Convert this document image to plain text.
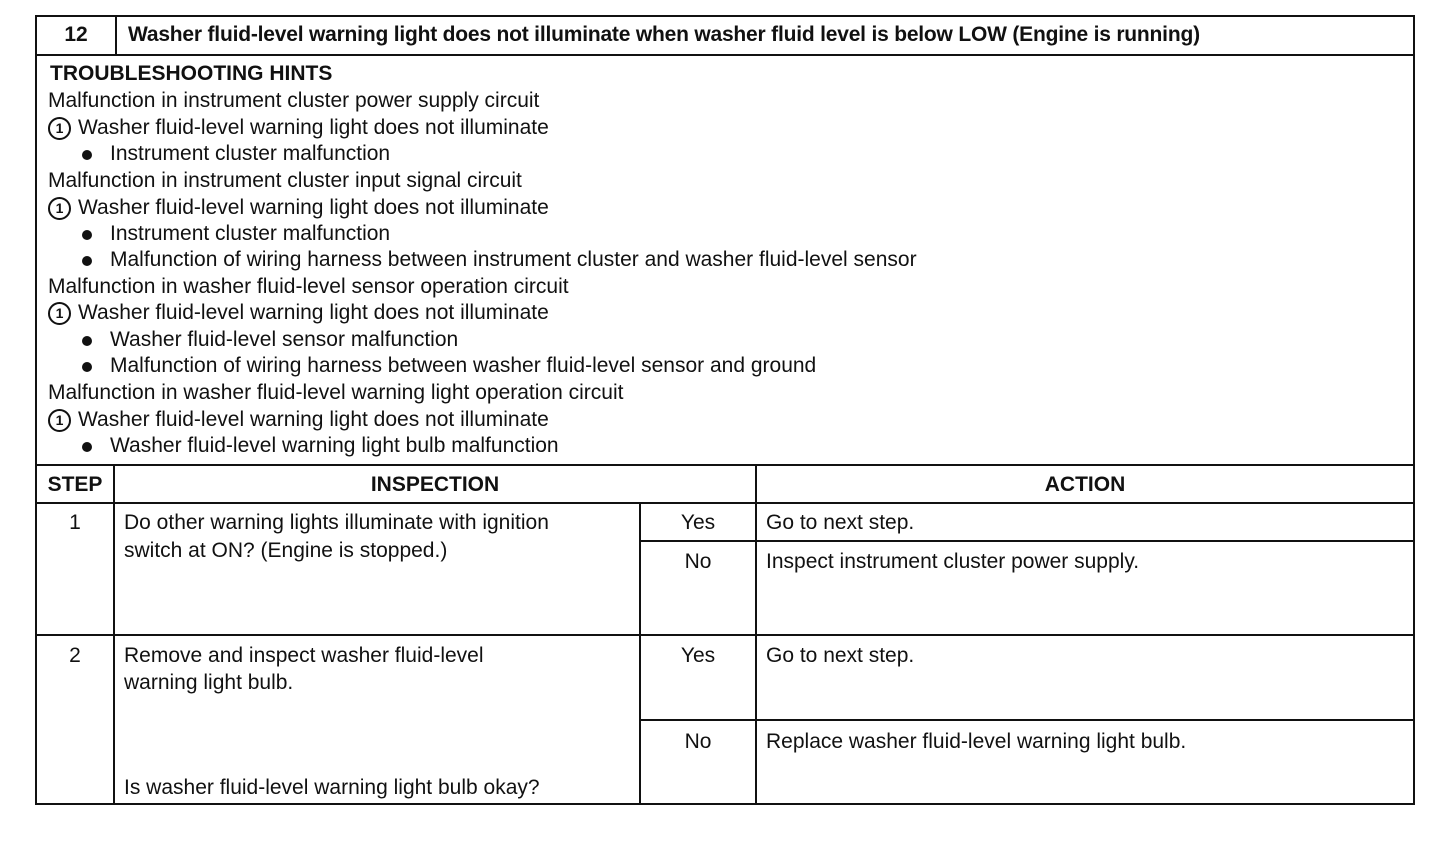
12	Washer fluid-level warning light does not illuminate when washer fluid level is below LOW (Engine is running)
TROUBLESHOOTING HINTS
Malfunction in instrument cluster power supply circuit
1 Washer fluid-level warning light does not illuminate
Instrument cluster malfunction
Malfunction in instrument cluster input signal circuit
1 Washer fluid-level warning light does not illuminate
Instrument cluster malfunction
Malfunction of wiring harness between instrument cluster and washer fluid-level sensor
Malfunction in washer fluid-level sensor operation circuit
1 Washer fluid-level warning light does not illuminate
Washer fluid-level sensor malfunction
Malfunction of wiring harness between washer fluid-level sensor and ground
Malfunction in washer fluid-level warning light operation circuit
1 Washer fluid-level warning light does not illuminate
Washer fluid-level warning light bulb malfunction
STEP	INSPECTION	ACTION
1	Do other warning lights illuminate with ignition
switch at ON? (Engine is stopped.)
Yes	Go to next step.
No	Inspect instrument cluster power supply.
2	Remove and inspect washer fluid-level
warning light bulb.
Is washer fluid-level warning light bulb okay?
Yes	Go to next step.
No	Replace washer fluid-level warning light bulb.
